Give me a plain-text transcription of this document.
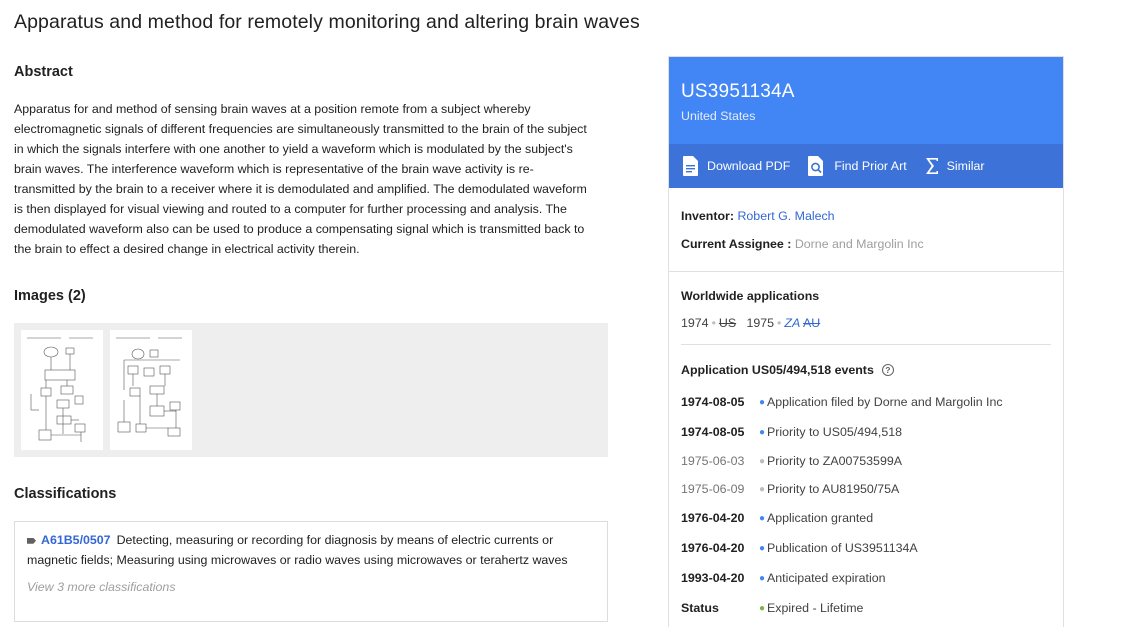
Apparatus and method for remotely monitoring and altering brain waves
Abstract

Apparatus for and method of sensing brain waves at a position remote from a subject whereby electromagnetic signals of different frequencies are simultaneously transmitted to the brain of the subject in which the signals interfere with one another to yield a waveform which is modulated by the subject's brain waves. The interference waveform which is representative of the brain wave activity is re-transmitted by the brain to a receiver where it is demodulated and amplified. The demodulated waveform is then displayed for visual viewing and routed to a computer for further processing and analysis. The demodulated waveform also can be used to produce a compensating signal which is transmitted back to the brain to effect a desired change in electrical activity therein.

Images (2)
Classifications
A61B5/0507 Detecting, measuring or recording for diagnosis by means of electric currents or magnetic fields; Measuring using microwaves or radio waves using microwaves or terahertz waves
View 3 more classifications
US3951134A
United States
Download PDF	Find Prior Art	Similar
Inventor: Robert G. Malech
Current Assignee : Dorne and Margolin Inc
Worldwide applications
1974 • US 1975 • ZA AU
Application US05/494,518 events	?
1974-08-05	● Application filed by Dorne and Margolin Inc
1974-08-05	● Priority to US05/494,518
1975-06-03	● Priority to ZA00753599A
1975-06-09	● Priority to AU81950/75A
1976-04-20	● Application granted
1976-04-20	● Publication of US3951134A
1993-04-20	● Anticipated expiration
Status	● Expired - Lifetime
